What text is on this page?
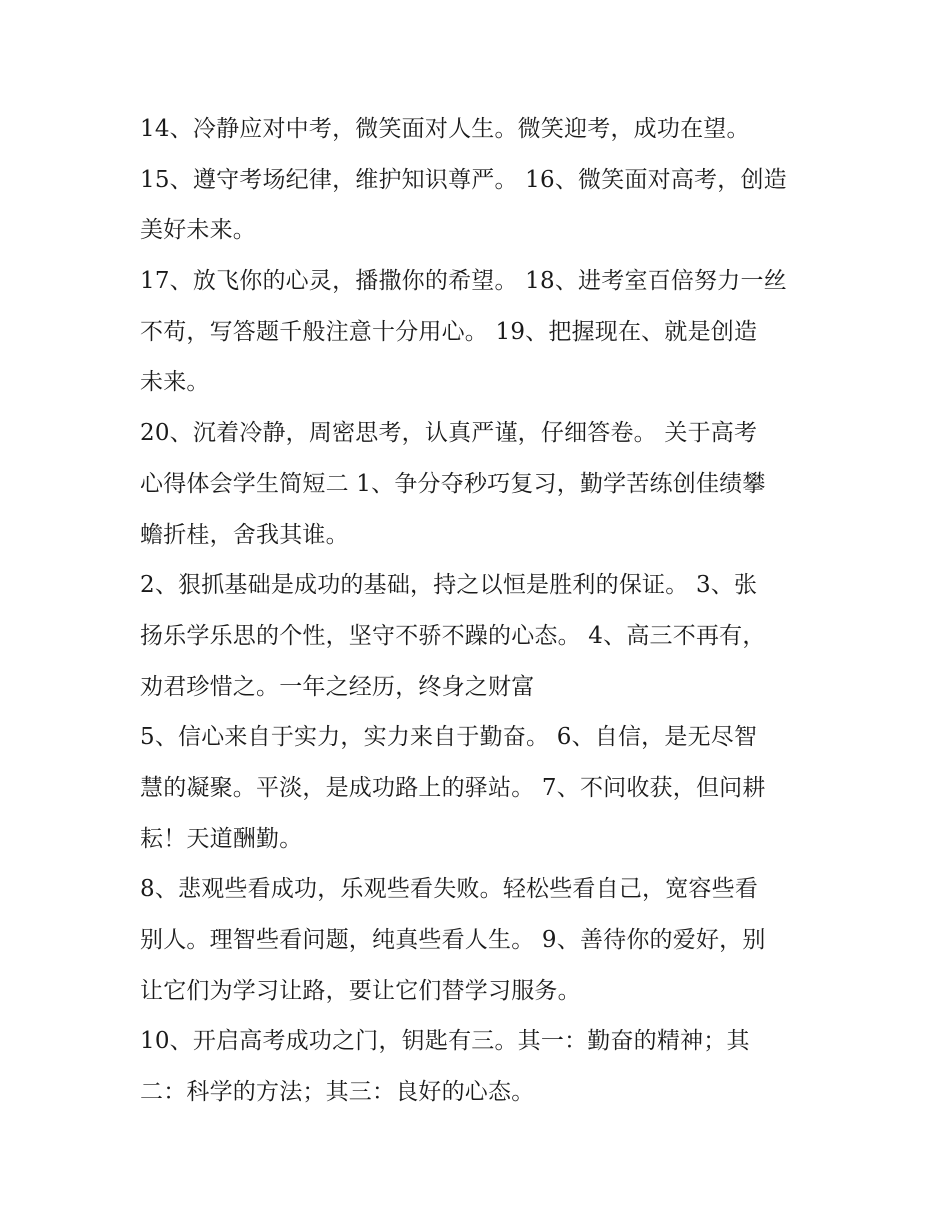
14、冷静应对中考，微笑面对人生。微笑迎考，成功在望。
15、遵守考场纪律，维护知识尊严。 16、微笑面对高考，创造
美好未来。
17、放飞你的心灵，播撒你的希望。 18、进考室百倍努力一丝
不苟，写答题千般注意十分用心。 19、把握现在、就是创造
未来。
20、沉着冷静，周密思考，认真严谨，仔细答卷。 关于高考
心得体会学生简短二 1、争分夺秒巧复习，勤学苦练创佳绩攀
蟾折桂，舍我其谁。
2、狠抓基础是成功的基础，持之以恒是胜利的保证。 3、张
扬乐学乐思的个性，坚守不骄不躁的心态。 4、高三不再有，
劝君珍惜之。一年之经历，终身之财富
5、信心来自于实力，实力来自于勤奋。 6、自信，是无尽智
慧的凝聚。平淡，是成功路上的驿站。 7、不问收获，但问耕
耘！天道酬勤。
8、悲观些看成功，乐观些看失败。轻松些看自己，宽容些看
别人。理智些看问题，纯真些看人生。 9、善待你的爱好，别
让它们为学习让路，要让它们替学习服务。
10、开启高考成功之门，钥匙有三。其一：勤奋的精神；其
二：科学的方法；其三：良好的心态。
